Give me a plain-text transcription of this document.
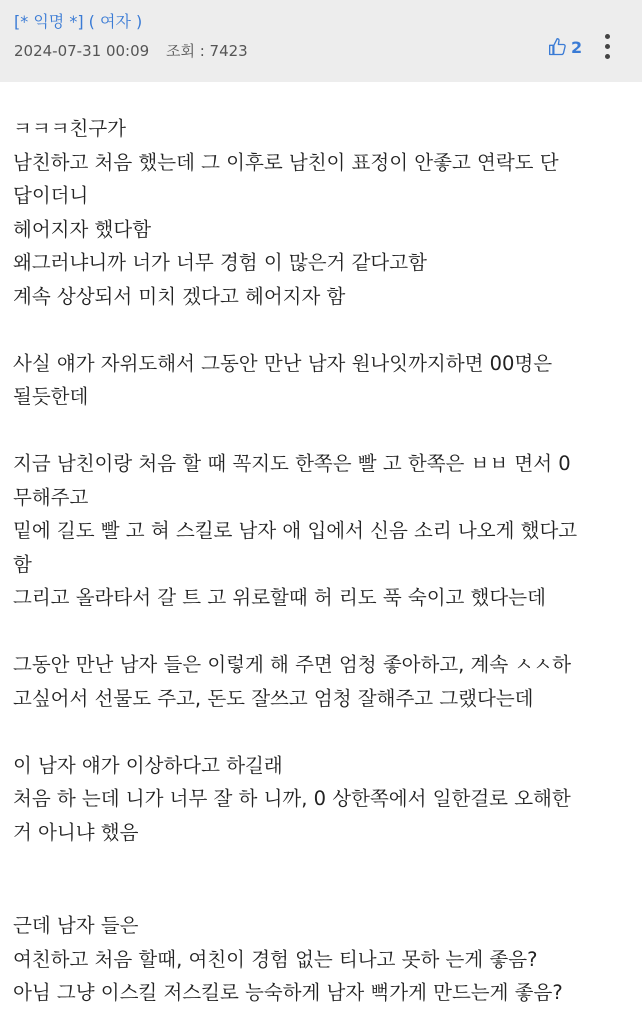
[* 익명 *] ( 여자 )
2024-07-31 00:09 조회 : 7423	2

ㅋㅋㅋ친구가

남친하고 처음 했는데 그 이후로 남친이 표정이 안좋고 연락도 단

답이더니

헤어지자 했다함

왜그러냐니까 너가 너무 경험 이 많은거 같다고함

계속 상상되서 미치 겠다고 헤어지자 함

사실 얘가 자위도해서 그동안 만난 남자 원나잇까지하면 00명은

될듯한데

지금 남친이랑 처음 할 때 꼭지도 한쪽은 빨 고 한쪽은 ㅂㅂ 면서 0

무해주고

밑에 길도 빨 고 혀 스킬로 남자 애 입에서 신음 소리 나오게 했다고

함

그리고 올라타서 갈 트 고 위로할때 허 리도 푹 숙이고 했다는데

그동안 만난 남자 들은 이렇게 해 주면 엄청 좋아하고, 계속 ㅅㅅ하

고싶어서 선물도 주고, 돈도 잘쓰고 엄청 잘해주고 그랬다는데

이 남자 얘가 이상하다고 하길래

처음 하 는데 니가 너무 잘 하 니까, 0 상한쪽에서 일한걸로 오해한

거 아니냐 했음

근데 남자 들은

여친하고 처음 할때, 여친이 경험 없는 티나고 못하 는게 좋음?

아님 그냥 이스킬 저스킬로 능숙하게 남자 뻑가게 만드는게 좋음?
